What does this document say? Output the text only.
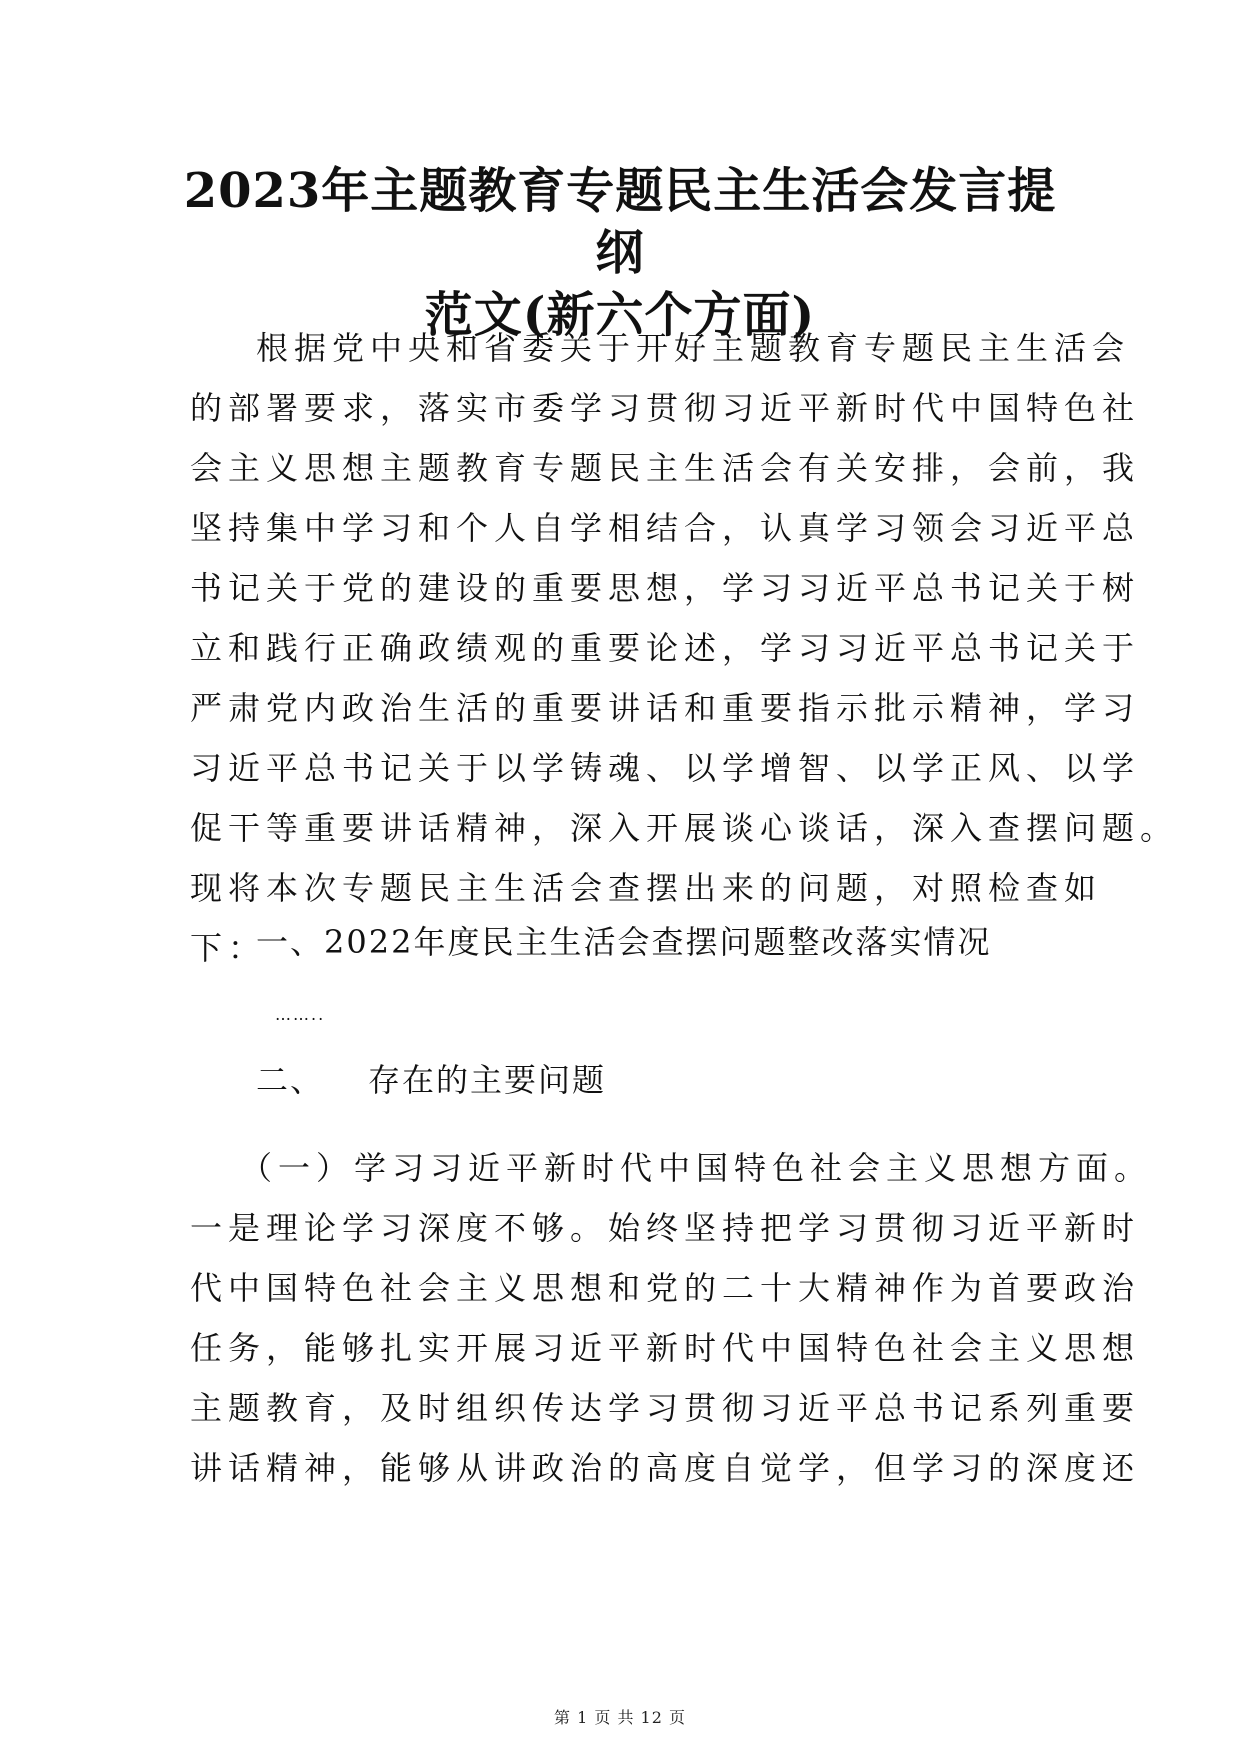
2023年主题教育专题民主生活会发言提纲
范文(新六个方面)
根据党中央和省委关于开好主题教育专题民主生活会
的部署要求，落实市委学习贯彻习近平新时代中国特色社
会主义思想主题教育专题民主生活会有关安排，会前，我
坚持集中学习和个人自学相结合，认真学习领会习近平总
书记关于党的建设的重要思想，学习习近平总书记关于树
立和践行正确政绩观的重要论述，学习习近平总书记关于
严肃党内政治生活的重要讲话和重要指示批示精神，学习
习近平总书记关于以学铸魂、以学增智、以学正风、以学
促干等重要讲话精神，深入开展谈心谈话，深入查摆问题。
现将本次专题民主生活会查摆出来的问题，对照检查如
下：

一、2022年度民主生活会查摆问题整改落实情况

……..

二、 存在的主要问题

（一）学习习近平新时代中国特色社会主义思想方面。
一是理论学习深度不够。始终坚持把学习贯彻习近平新时
代中国特色社会主义思想和党的二十大精神作为首要政治
任务，能够扎实开展习近平新时代中国特色社会主义思想
主题教育，及时组织传达学习贯彻习近平总书记系列重要
讲话精神，能够从讲政治的高度自觉学，但学习的深度还

第 1 页 共 12 页
